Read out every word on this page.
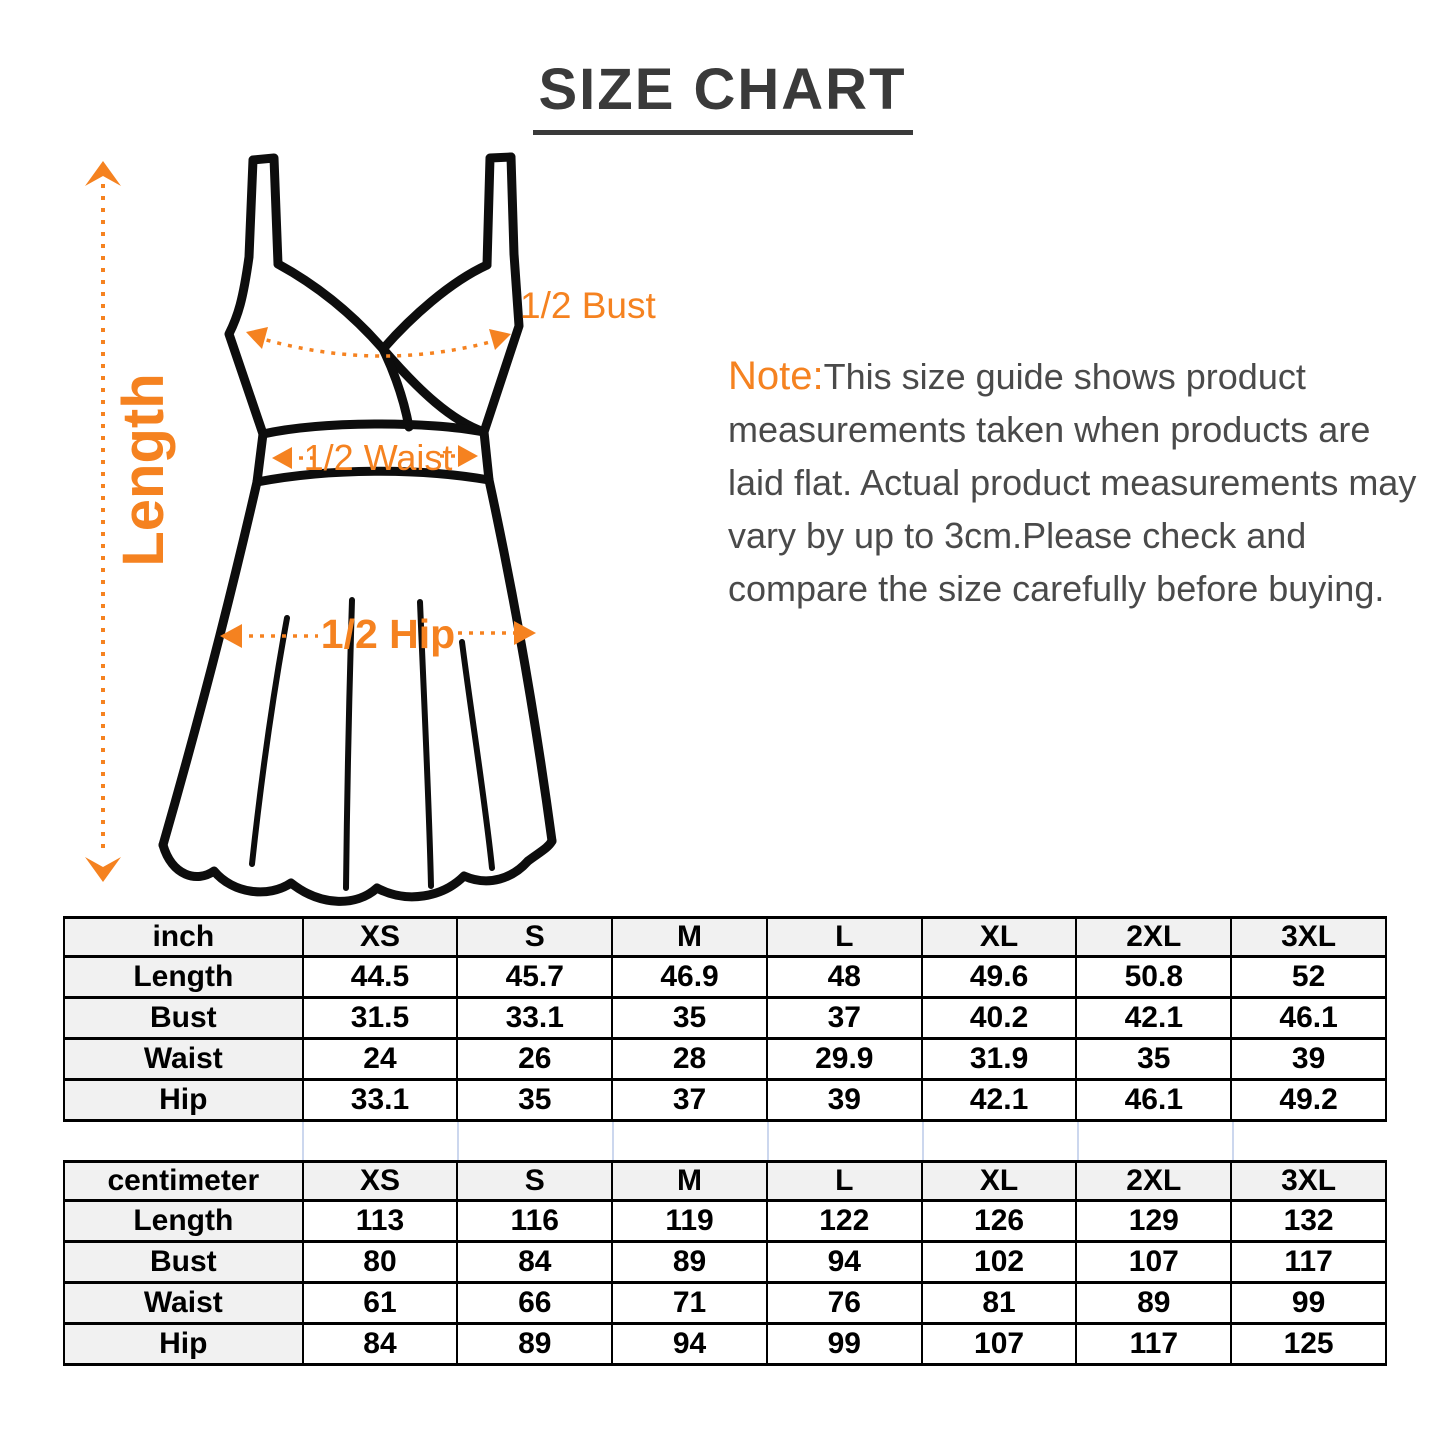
SIZE CHART
Length
1/2 Bust
1/2 Waist
1/2 Hip

Note:This size guide shows product measurements taken when products are laid flat. Actual product measurements may vary by up to 3cm.Please check and compare the size carefully before buying.

inch	XS	S	M	L	XL	2XL	3XL
Length	44.5	45.7	46.9	48	49.6	50.8	52
Bust	31.5	33.1	35	37	40.2	42.1	46.1
Waist	24	26	28	29.9	31.9	35	39
Hip	33.1	35	37	39	42.1	46.1	49.2
centimeter	XS	S	M	L	XL	2XL	3XL
Length	113	116	119	122	126	129	132
Bust	80	84	89	94	102	107	117
Waist	61	66	71	76	81	89	99
Hip	84	89	94	99	107	117	125
